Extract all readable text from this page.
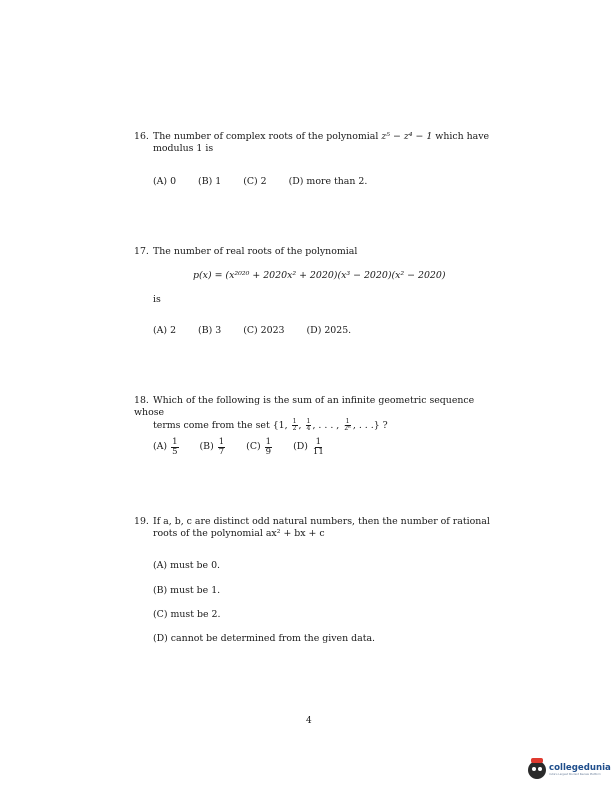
16. The number of complex roots of the polynomial z⁵ − z⁴ − 1 which have
modulus 1 is
(A) 0 (B) 1 (C) 2 (D) more than 2.
17. The number of real roots of the polynomial
p(x) = (x²⁰²⁰ + 2020x² + 2020)(x³ − 2020)(x² − 2020)
is
(A) 2 (B) 3 (C) 2023 (D) 2025.
18. Which of the following is the sum of an infinite geometric sequence whose
terms come from the set {1, $\frac{1}{2}$ , $\frac{1}{4}$ , . . . , $\frac{1}{\text{2ⁿ}}$ , . . .} ?
$(A) \frac{1}{5} (B) \frac{1}{7} (C) \frac{1}{9} (D) \frac{1}{11}$
19. If a, b, c are distinct odd natural numbers, then the number of rational
roots of the polynomial ax² + bx + c
(A) must be 0.
(B) must be 1.
(C) must be 2.
(D) cannot be determined from the given data.
4
collegedunia
India's Largest Student Review Platform
